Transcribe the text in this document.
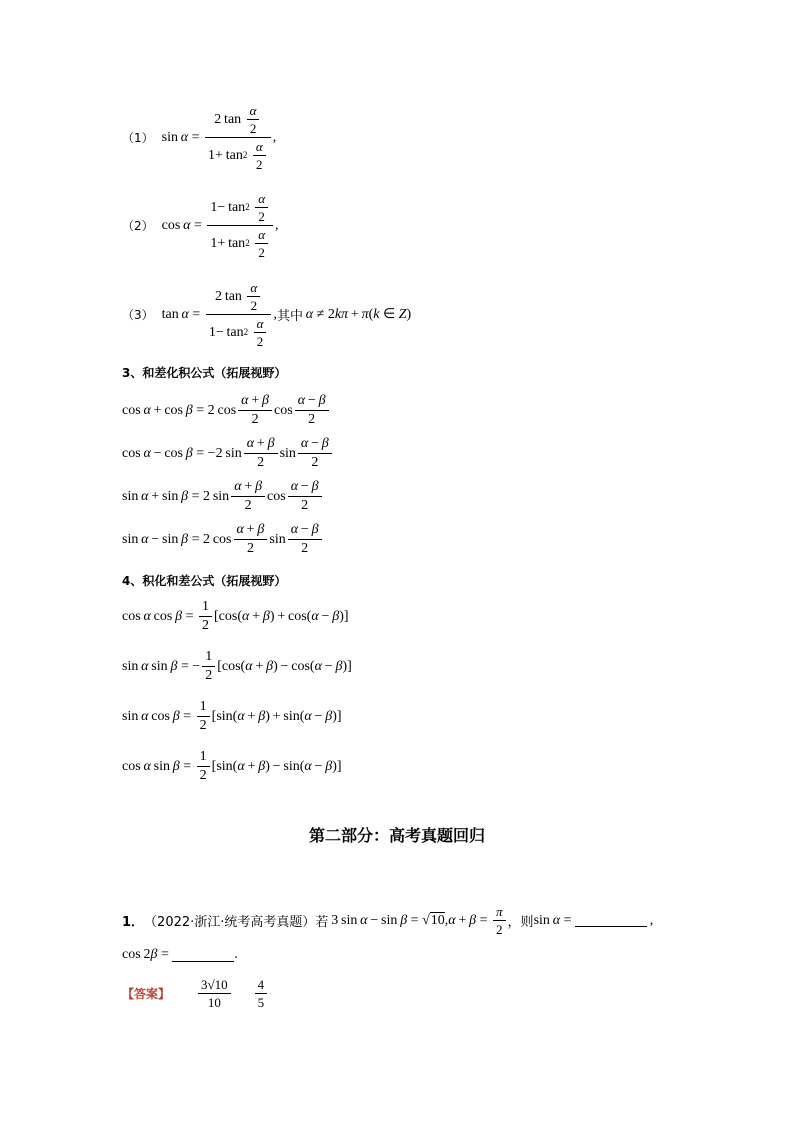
（1） sin α = 2 $\tan \frac{\alpha}{2}$
1+ tan 2
$\frac{\alpha}{2}$ ,
（2） cos α = 1− tan 2
$\frac{\alpha}{2}$
1+ tan 2
$\frac{\alpha}{2}$ ,
（3） tan α = 2 $\tan \frac{\alpha}{2}$
1− tan 2
$\frac{\alpha}{2}$ , 其中
  α ≠ 2kπ + π(k ∈ Z)
3、和差化积公式（拓展视野）
cos α + cos β = 2 $\cos \frac{\alpha + \beta}{2}$ $\cos \frac{\alpha - \beta}{2}$
cos α − cos β = −2 $\sin \frac{\alpha + \beta}{2}$ $\sin \frac{\alpha - \beta}{2}$
sin α + sin β = 2 $\sin \frac{\alpha + \beta}{2}$ $\cos \frac{\alpha - \beta}{2}$
sin α − sin β = 2 $\cos \frac{\alpha + \beta}{2}$ $\sin \frac{\alpha - \beta}{2}$
4、积化和差公式（拓展视野）
cos α $\cos \beta = \frac{1}{2} [\cos(\alpha + \beta) + \cos(\alpha - \beta)]$
sin α sin β = − $\frac{1}{2} [\cos(\alpha + \beta) - \cos(\alpha - \beta)]$
sin α $\cos \beta = \frac{1}{2} [\sin(\alpha + \beta) + \sin(\alpha - \beta)]$
cos α $\sin \beta = \frac{1}{2} [\sin(\alpha + \beta) - \sin(\alpha - \beta)]$
第二部分：高考真题回归
1． （2022·浙江·统考高考真题） 若  3 $\sin \alpha - \sin \beta = √10,\alpha + \beta = \frac{\pi}{2}$ ，则 sin α =	 ,
cos 2β =	.
【答案】 $\frac{3√10}{10} \frac{4}{5}$
